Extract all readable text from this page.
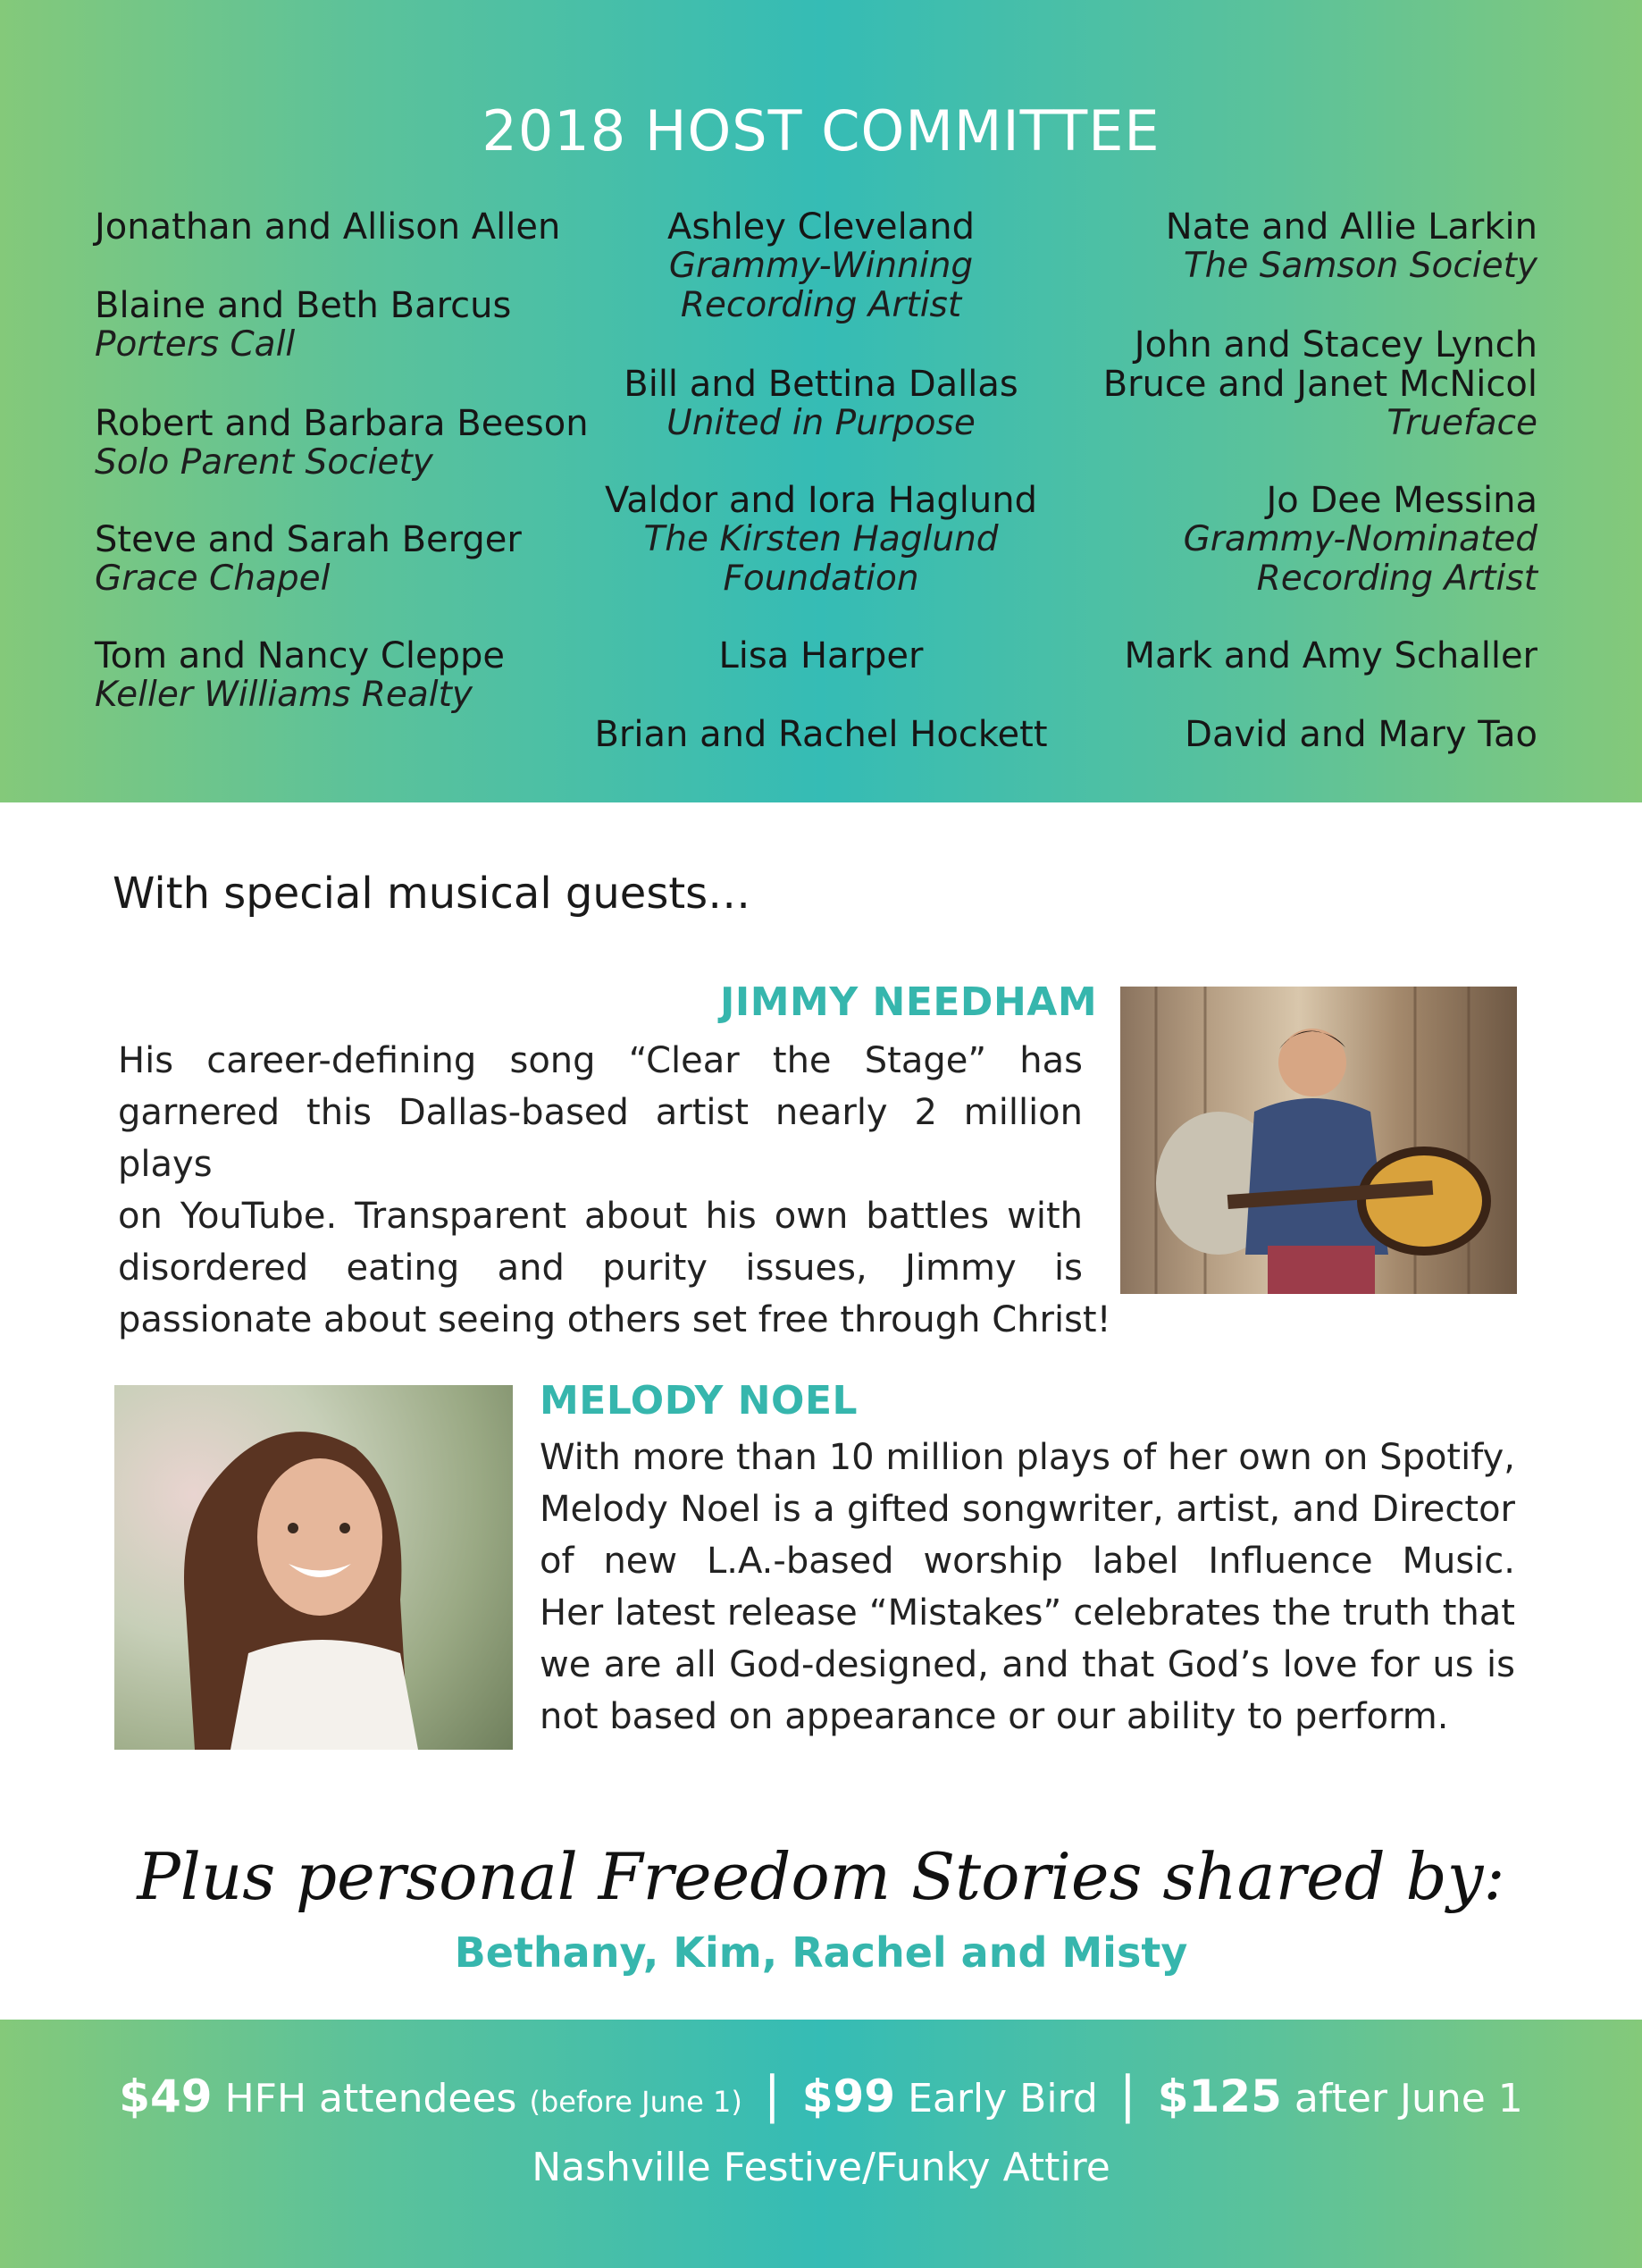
2018 HOST COMMITTEE
Jonathan and Allison Allen
Blaine and Beth Barcus
Porters Call
Robert and Barbara Beeson
Solo Parent Society
Steve and Sarah Berger
Grace Chapel
Tom and Nancy Cleppe
Keller Williams Realty
Ashley Cleveland
Grammy-Winning
Recording Artist
Bill and Bettina Dallas
United in Purpose
Valdor and Iora Haglund
The Kirsten Haglund
Foundation
Lisa Harper
Brian and Rachel Hockett
Nate and Allie Larkin
The Samson Society
John and Stacey Lynch
Bruce and Janet McNicol
Trueface
Jo Dee Messina
Grammy-Nominated
Recording Artist
Mark and Amy Schaller
David and Mary Tao
With special musical guests…
JIMMY NEEDHAM
His career-defining song “Clear the Stage” has
garnered this Dallas-based artist nearly 2 million plays
on YouTube. Transparent about his own battles with
disordered eating and purity issues, Jimmy is
passionate about seeing others set free through Christ!
MELODY NOEL
With more than 10 million plays of her own on Spotify,
Melody Noel is a gifted songwriter, artist, and Director
of new L.A.-based worship label Influence Music.
Her latest release “Mistakes” celebrates the truth that
we are all God-designed, and that God’s love for us is
not based on appearance or our ability to perform.
Plus personal Freedom Stories shared by:
Bethany, Kim, Rachel and Misty
$49 HFH attendees (before June 1) | $99 Early Bird | $125 after June 1
Nashville Festive/Funky Attire
